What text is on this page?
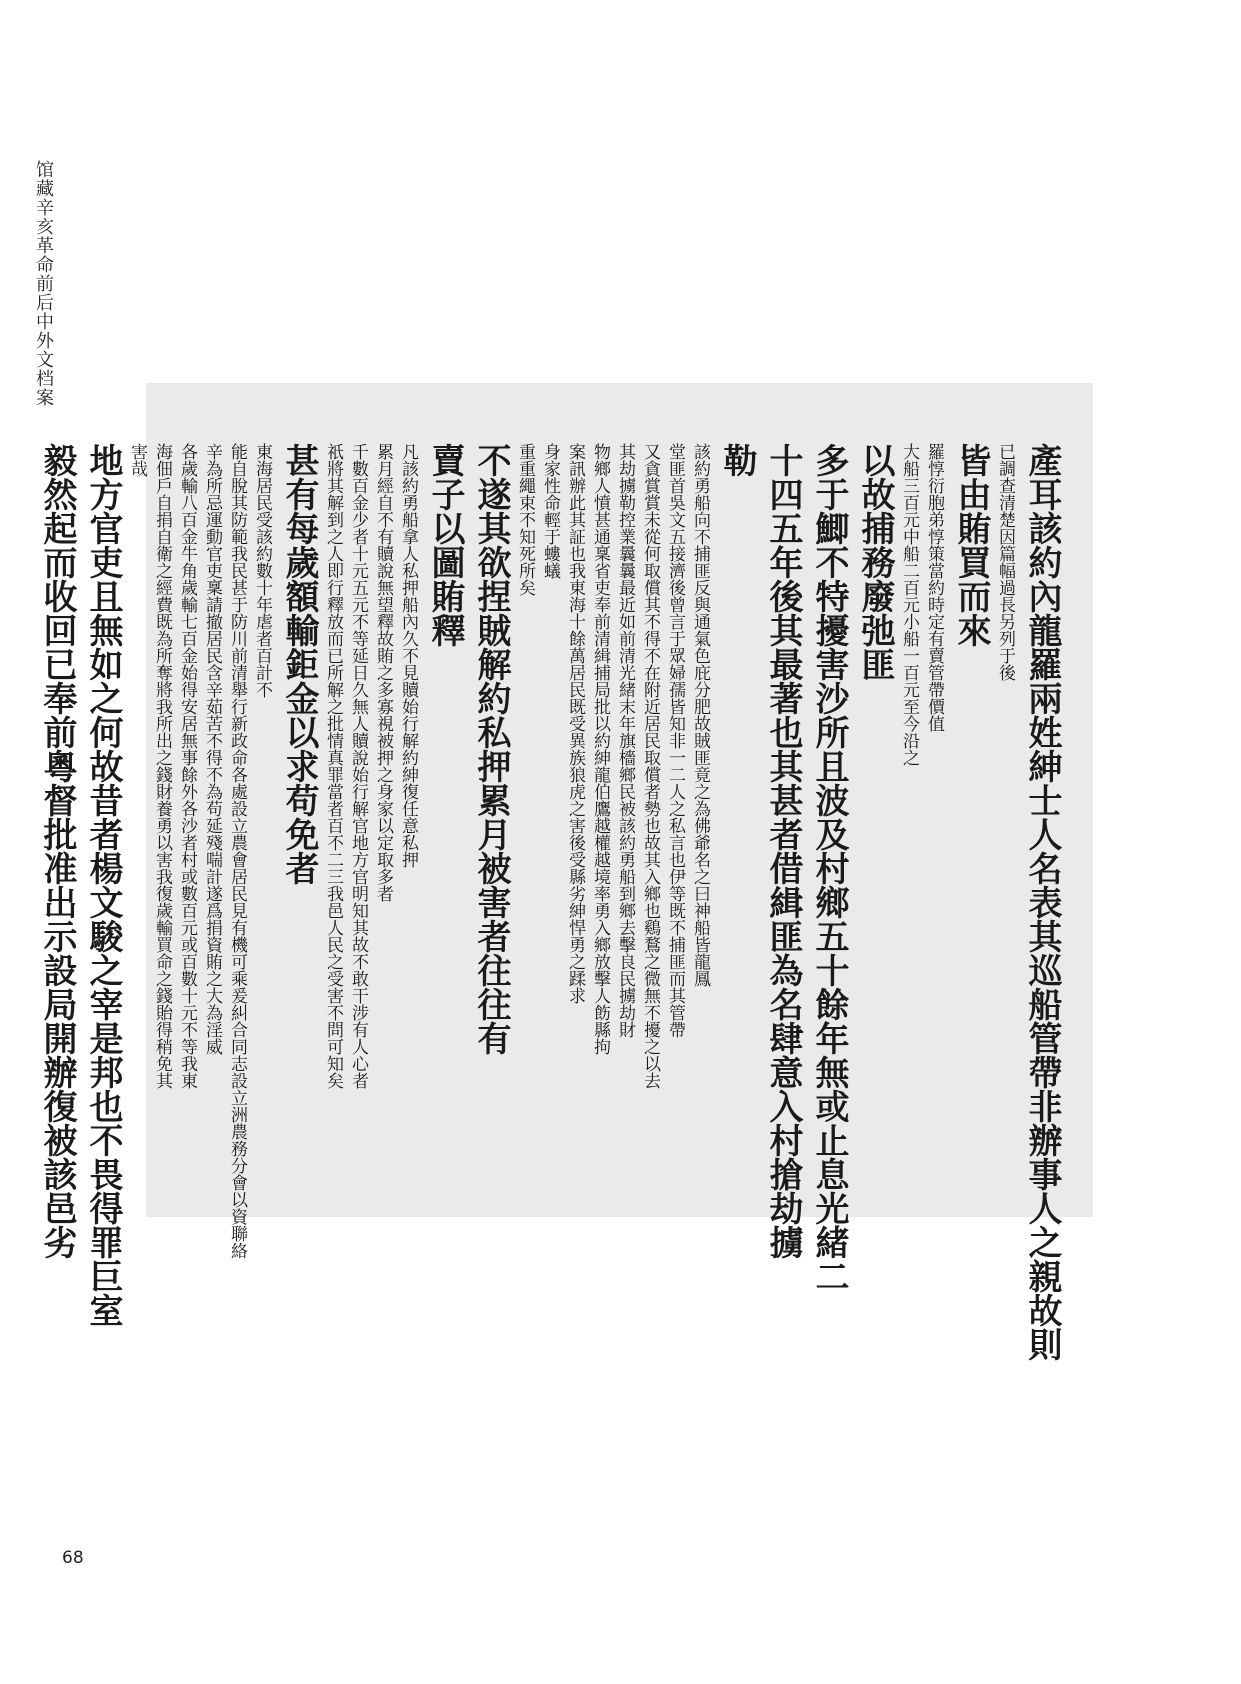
馆藏辛亥革命前后中外文档案

產耳該約內龍羅兩姓紳士人名表其巡船管帶非辦事人之親故則

已調查清楚因篇幅過長另列于後

皆由賄買而來

羅惇衍胞弟惇策當約時定有賣管帶價值

大船三百元中船二百元小船一百元至今沿之

以故捕務廢弛匪

多于鯽不特擾害沙所且波及村鄉五十餘年無或止息光緒二

十四五年後其最著也其甚者借緝匪為名肆意入村搶劫擄

勒

該約勇船向不捕匪反與通氣色庇分肥故賊匪竟之為佛爺名之曰神船皆龍鳳

堂匪首吳文五接濟後曾言于眾婦孺皆知非一二人之私言也伊等既不捕匪而其管帶

又貪賞賞未從何取償其不得不在附近居民取償者勢也故其入鄉也鷄鶩之微無不擾之以去

其劫擄勒控業曩曩最近如前清光緒末年旗檣鄉民被該約勇船到鄉去擊良民擄劫財

物鄉人憤甚通稟省吏奉前清緝捕局批以約紳龍伯鷹越權越境率勇入鄉放擊人飭縣拘

案訊辦此其証也我東海十餘萬居民既受異族狼虎之害後受縣劣紳悍勇之蹂求

身家性命輕于螻蟻

重重繩束不知死所矣

不遂其欲捏賊解約私押累月被害者往往有

賣子以圖賄釋

凡該約勇船拿人私押船內久不見贖始行解約紳復任意私押

累月經自不有贖說無望釋故賄之多寡視被押之身家以定取多者

千數百金少者十元五元不等延日久無人贖說始行解官地方官明知其故不敢干涉有人心者

祇將其解到之人即行釋放而已所解之批情真罪當者百不二三我邑人民之受害不問可知矣

甚有每歲額輸鉅金以求苟免者

東海居民受該約數十年虐者百計不

能自脫其防範我民甚于防川前清舉行新政命各處設立農會居民見有機可乘爰糾合同志設立洲農務分會以資聯絡

辛為所忌運動官吏稟請撤居民含辛茹苦不得不為苟延殘喘計遂爲捐資賄之大為淫威

各歲輸八百金牛角歲輸七百金始得安居無事餘外各沙者村或數百元或百數十元不等我東

海佃戶自捐自衛之經費既為所奪將我所出之錢財養勇以害我復歲輸買命之錢貽得稍免其

害哉

地方官吏且無如之何故昔者楊文駿之宰是邦也不畏得罪巨室

毅然起而收回已奉前粵督批准出示設局開辦復被該邑劣

68
